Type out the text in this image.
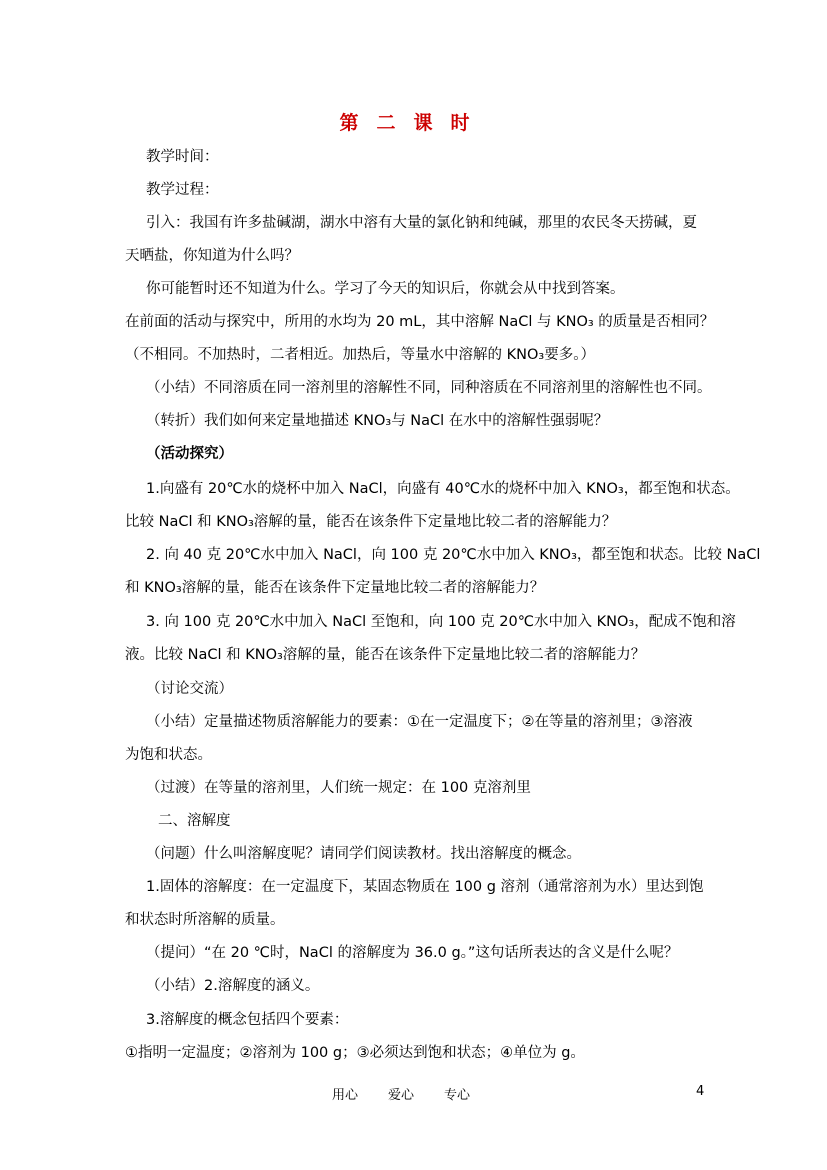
第二课时
教学时间：
教学过程：
引入：我国有许多盐碱湖，湖水中溶有大量的氯化钠和纯碱，那里的农民冬天捞碱，夏
天晒盐，你知道为什么吗？
你可能暂时还不知道为什么。学习了今天的知识后，你就会从中找到答案。
在前面的活动与探究中，所用的水均为 20 mL，其中溶解 NaCl 与 KNO₃ 的质量是否相同？
（不相同。不加热时，二者相近。加热后，等量水中溶解的 KNO₃要多。）
（小结）不同溶质在同一溶剂里的溶解性不同，同种溶质在不同溶剂里的溶解性也不同。
（转折）我们如何来定量地描述 KNO₃与 NaCl 在水中的溶解性强弱呢？
（活动探究）
1.向盛有 20℃水的烧杯中加入 NaCl，向盛有 40℃水的烧杯中加入 KNO₃，都至饱和状态。
比较 NaCl 和 KNO₃溶解的量，能否在该条件下定量地比较二者的溶解能力？
2. 向 40 克 20℃水中加入 NaCl，向 100 克 20℃水中加入 KNO₃，都至饱和状态。比较 NaCl
和 KNO₃溶解的量，能否在该条件下定量地比较二者的溶解能力？
3. 向 100 克 20℃水中加入 NaCl 至饱和，向 100 克 20℃水中加入 KNO₃，配成不饱和溶
液。比较 NaCl 和 KNO₃溶解的量，能否在该条件下定量地比较二者的溶解能力？
（讨论交流）
（小结）定量描述物质溶解能力的要素：①在一定温度下；②在等量的溶剂里；③溶液
为饱和状态。
（过渡）在等量的溶剂里，人们统一规定：在 100 克溶剂里
二、溶解度
（问题）什么叫溶解度呢？请同学们阅读教材。找出溶解度的概念。
1.固体的溶解度：在一定温度下，某固态物质在 100 g 溶剂（通常溶剂为水）里达到饱
和状态时所溶解的质量。
（提问）“在 20 ℃时，NaCl 的溶解度为 36.0 g。”这句话所表达的含义是什么呢？
（小结）2.溶解度的涵义。
3.溶解度的概念包括四个要素：
①指明一定温度；②溶剂为 100 g；③必须达到饱和状态；④单位为 g。
用心 爱心 专心	4
